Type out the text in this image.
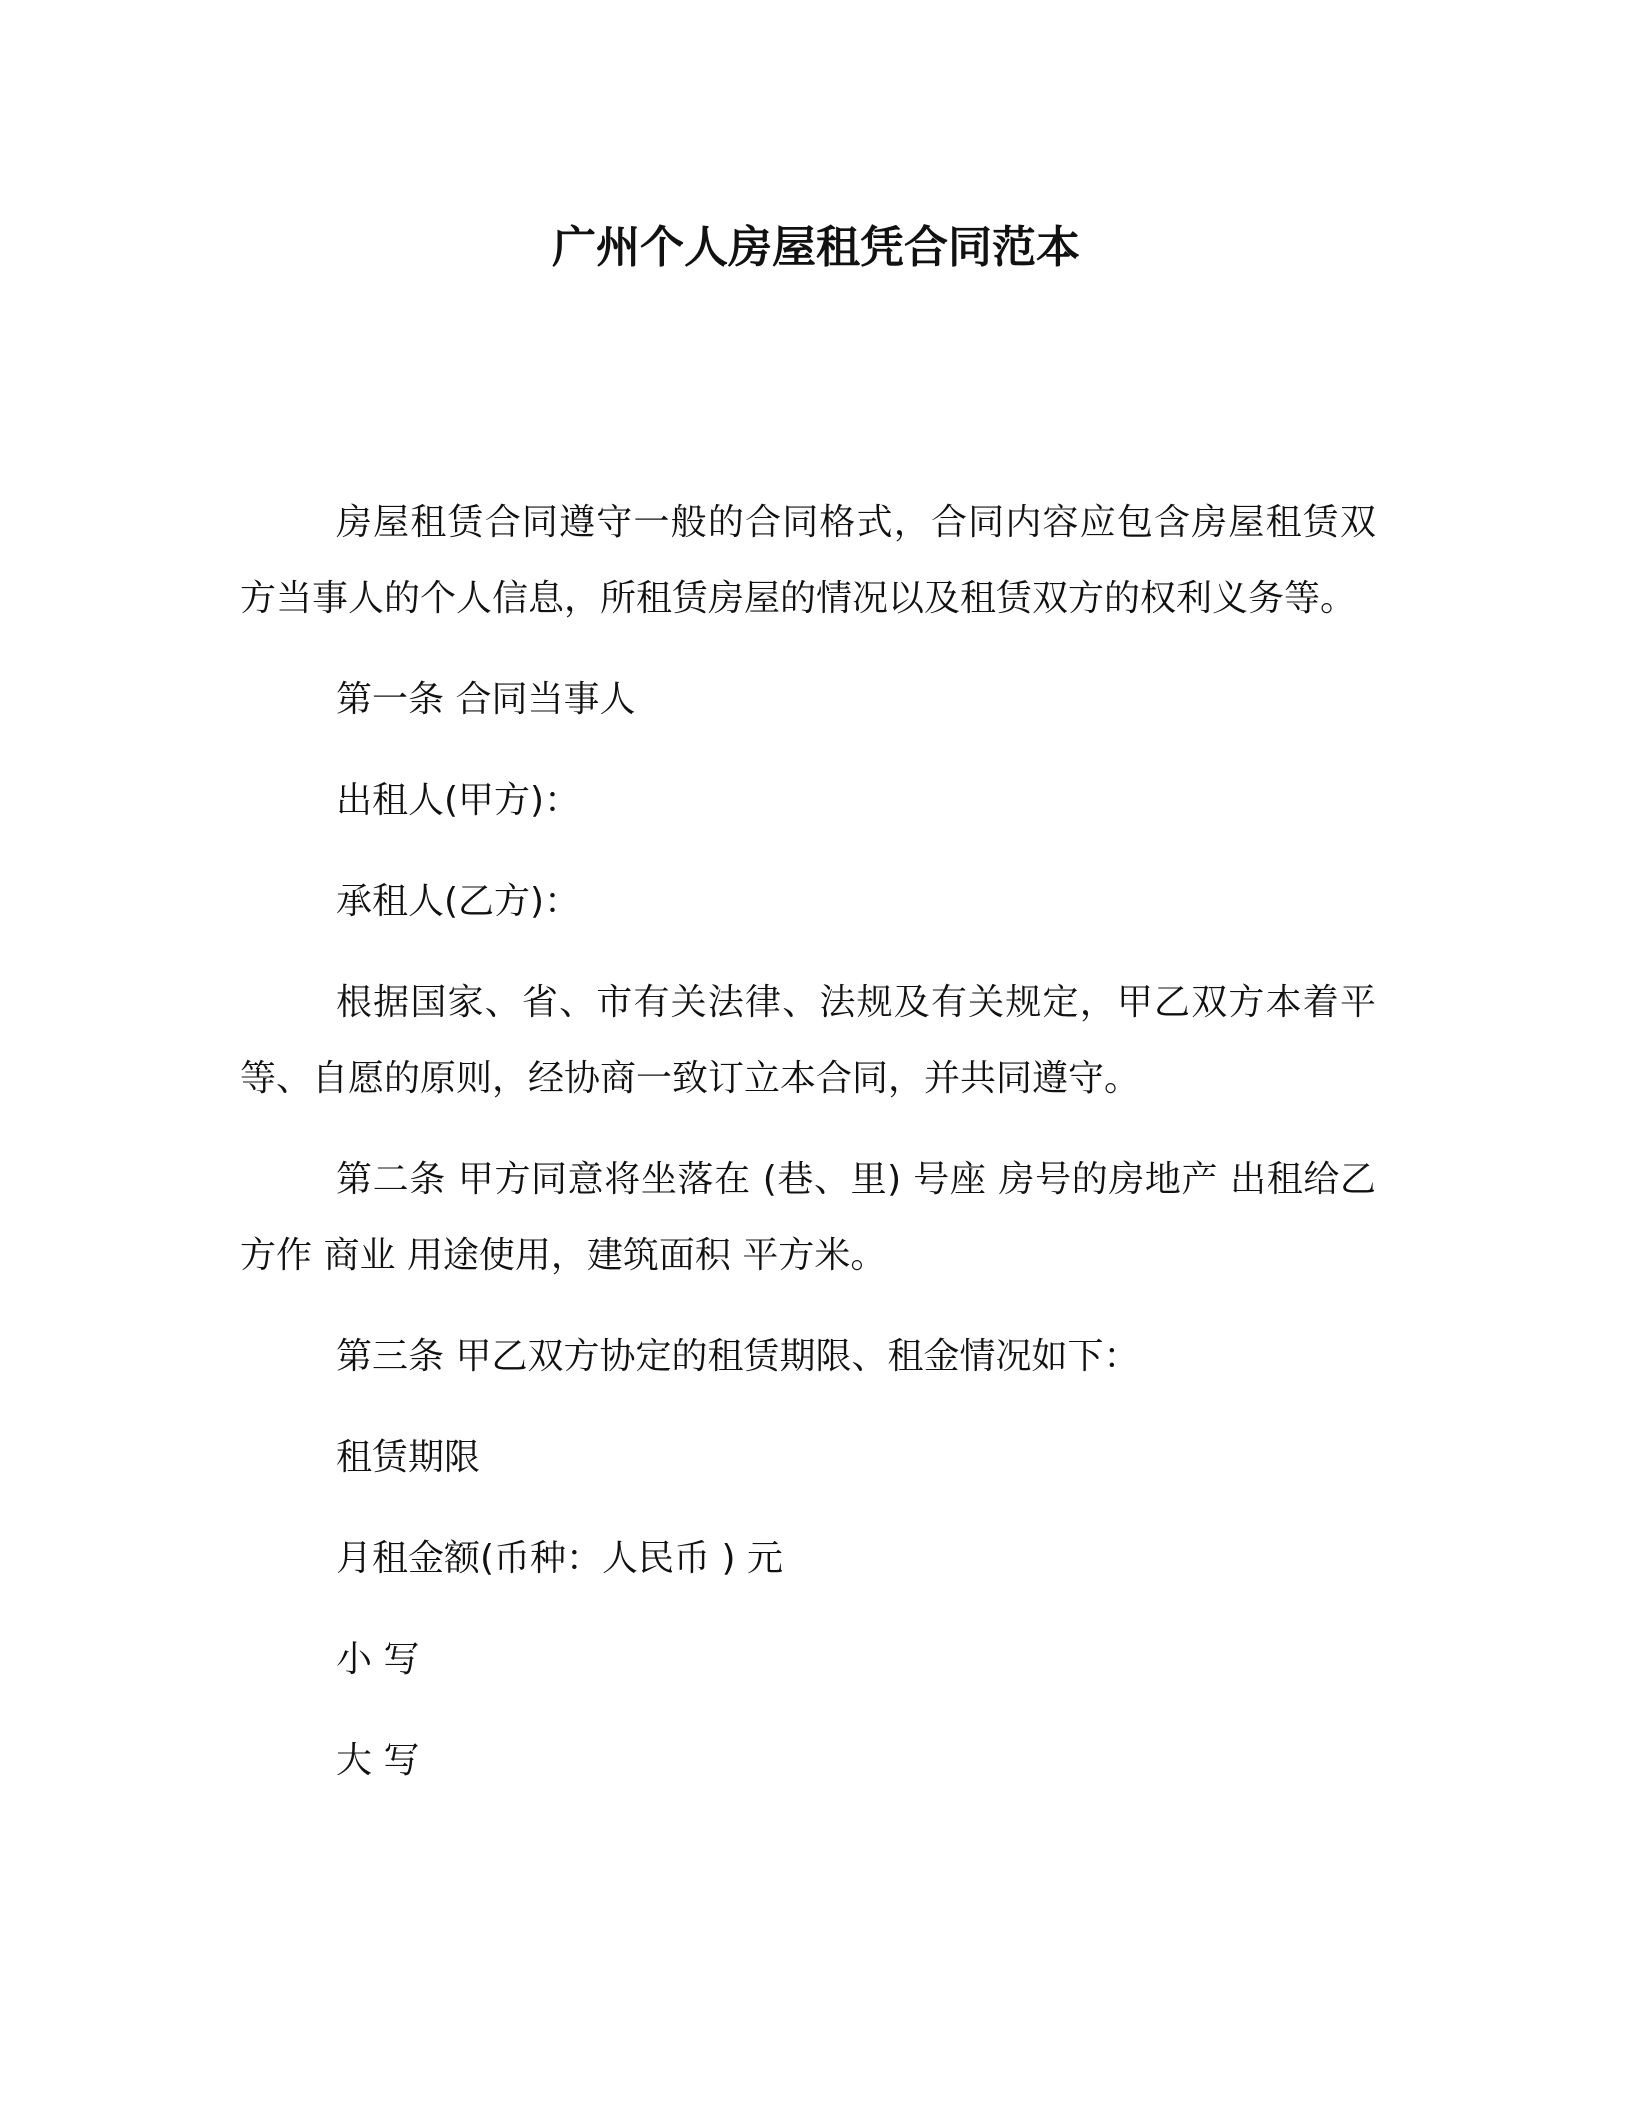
广州个人房屋租凭合同范本

房屋租赁合同遵守一般的合同格式，合同内容应包含房屋租赁双方当事人的个人信息，所租赁房屋的情况以及租赁双方的权利义务等。

第一条 合同当事人

出租人(甲方)：

承租人(乙方)：

根据国家、省、市有关法律、法规及有关规定，甲乙双方本着平等、自愿的原则，经协商一致订立本合同，并共同遵守。

第二条 甲方同意将坐落在 (巷、里) 号座 房号的房地产 出租给乙方作 商业 用途使用，建筑面积 平方米。

第三条 甲乙双方协定的租赁期限、租金情况如下：

租赁期限

月租金额(币种：人民币 ) 元

小 写

大 写
